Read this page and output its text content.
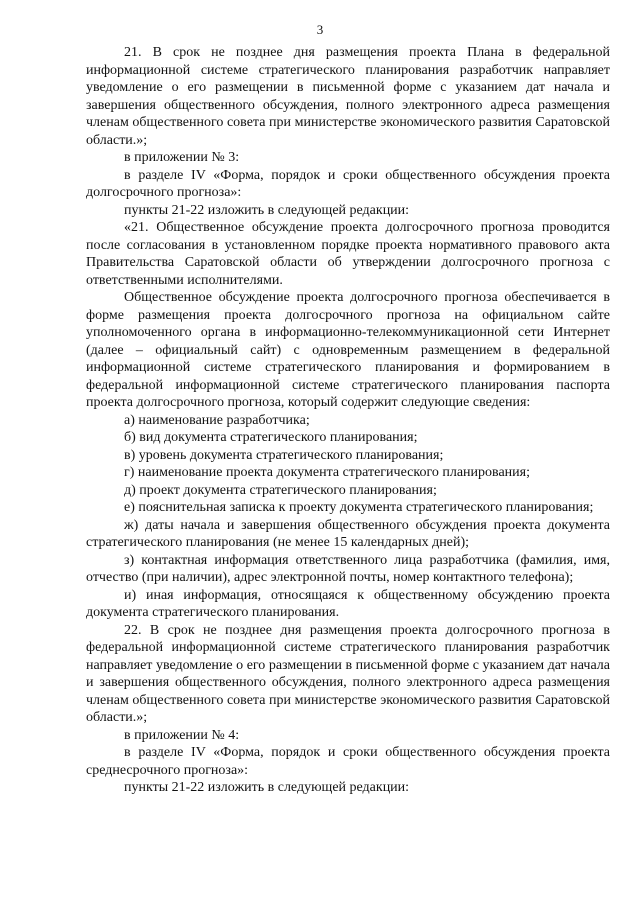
3

21. В срок не позднее дня размещения проекта Плана в федеральной информационной системе стратегического планирования разработчик направляет уведомление о его размещении в письменной форме с указанием дат начала и завершения общественного обсуждения, полного электронного адреса размещения членам общественного совета при министерстве экономического развития Саратовской области.»;

в приложении № 3:

в разделе IV «Форма, порядок и сроки общественного обсуждения проекта долгосрочного прогноза»:

пункты 21-22 изложить в следующей редакции:

«21. Общественное обсуждение проекта долгосрочного прогноза проводится после согласования в установленном порядке проекта нормативного правового акта Правительства Саратовской области об утверждении долгосрочного прогноза с ответственными исполнителями.

Общественное обсуждение проекта долгосрочного прогноза обеспечивается в форме размещения проекта долгосрочного прогноза на официальном сайте уполномоченного органа в информационно-телекоммуникационной сети Интернет (далее – официальный сайт) с одновременным размещением в федеральной информационной системе стратегического планирования и формированием в федеральной информационной системе стратегического планирования паспорта проекта долгосрочного прогноза, который содержит следующие сведения:

а) наименование разработчика;

б) вид документа стратегического планирования;

в) уровень документа стратегического планирования;

г) наименование проекта документа стратегического планирования;

д) проект документа стратегического планирования;

е) пояснительная записка к проекту документа стратегического планирования;

ж) даты начала и завершения общественного обсуждения проекта документа стратегического планирования (не менее 15 календарных дней);

з) контактная информация ответственного лица разработчика (фамилия, имя, отчество (при наличии), адрес электронной почты, номер контактного телефона);

и) иная информация, относящаяся к общественному обсуждению проекта документа стратегического планирования.

22. В срок не позднее дня размещения проекта долгосрочного прогноза в федеральной информационной системе стратегического планирования разработчик направляет уведомление о его размещении в письменной форме с указанием дат начала и завершения общественного обсуждения, полного электронного адреса размещения членам общественного совета при министерстве экономического развития Саратовской области.»;

в приложении № 4:

в разделе IV «Форма, порядок и сроки общественного обсуждения проекта среднесрочного прогноза»:

пункты 21-22 изложить в следующей редакции:
